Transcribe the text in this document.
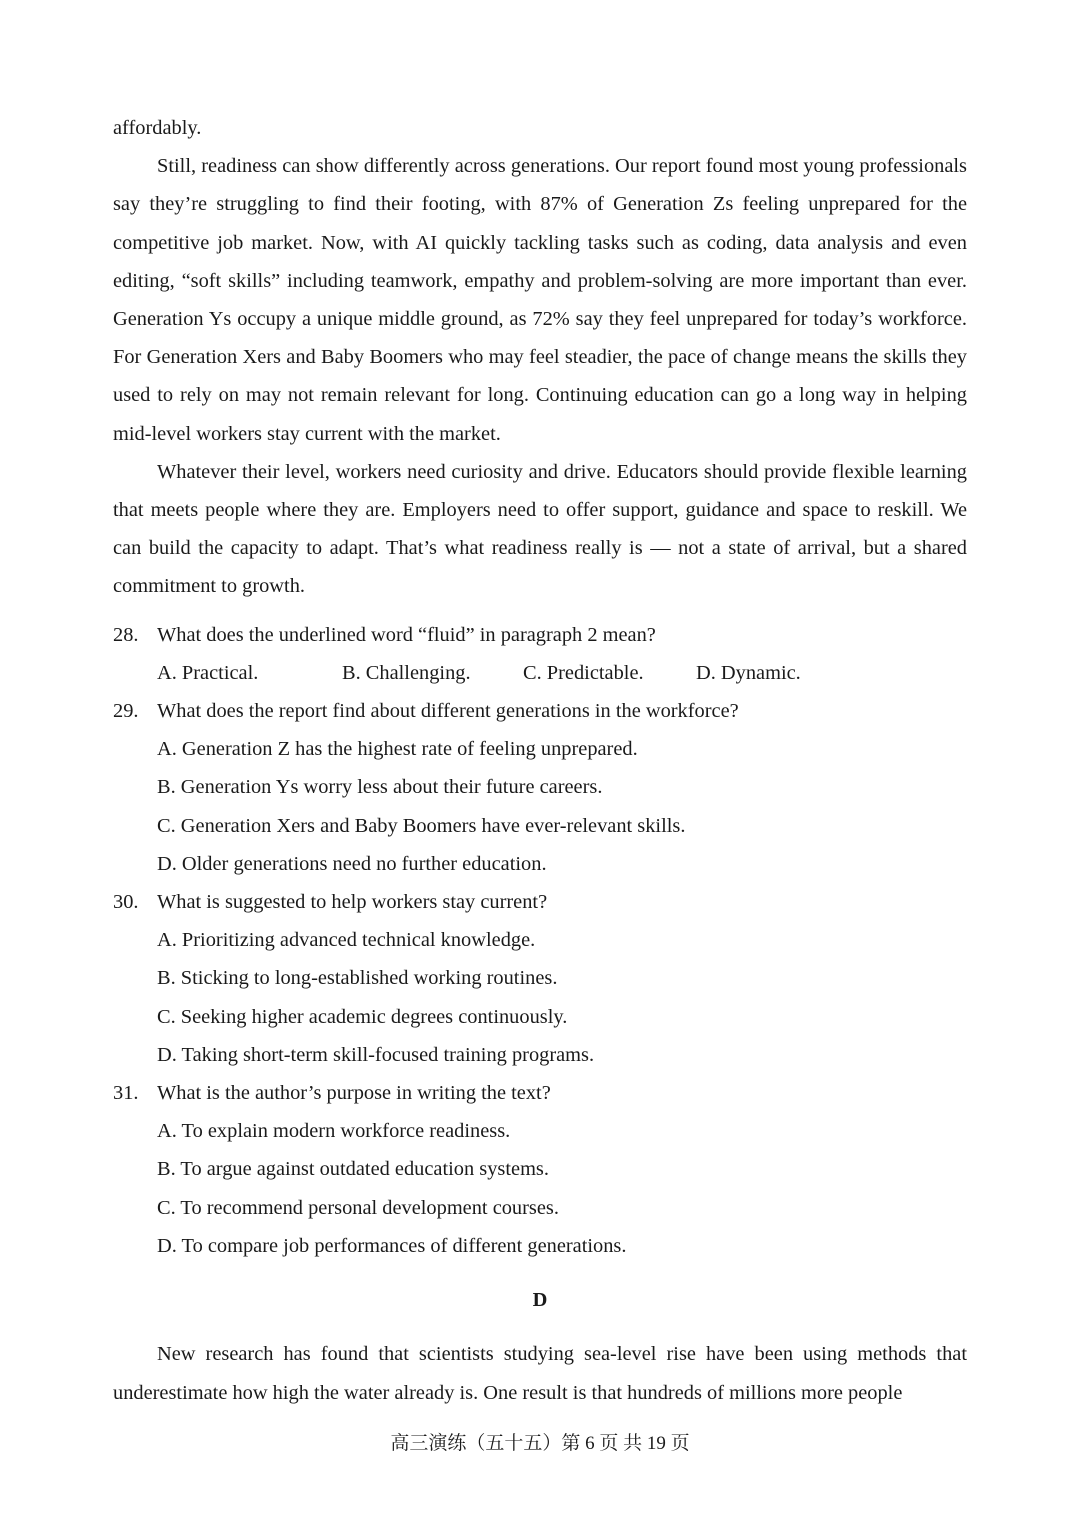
affordably.

Still, readiness can show differently across generations. Our report found most young professionals say they’re struggling to find their footing, with 87% of Generation Zs feeling unprepared for the competitive job market. Now, with AI quickly tackling tasks such as coding, data analysis and even editing, “soft skills” including teamwork, empathy and problem-solving are more important than ever. Generation Ys occupy a unique middle ground, as 72% say they feel unprepared for today’s workforce. For Generation Xers and Baby Boomers who may feel steadier, the pace of change means the skills they used to rely on may not remain relevant for long. Continuing education can go a long way in helping mid-level workers stay current with the market.

Whatever their level, workers need curiosity and drive. Educators should provide flexible learning that meets people where they are. Employers need to offer support, guidance and space to reskill. We can build the capacity to adapt. That’s what readiness really is — not a state of arrival, but a shared commitment to growth.

28. What does the underlined word “fluid” in paragraph 2 mean?
A. Practical.	B. Challenging.	C. Predictable.	D. Dynamic.
29. What does the report find about different generations in the workforce?
A. Generation Z has the highest rate of feeling unprepared.
B. Generation Ys worry less about their future careers.
C. Generation Xers and Baby Boomers have ever-relevant skills.
D. Older generations need no further education.
30. What is suggested to help workers stay current?
A. Prioritizing advanced technical knowledge.
B. Sticking to long-established working routines.
C. Seeking higher academic degrees continuously.
D. Taking short-term skill-focused training programs.
31. What is the author’s purpose in writing the text?
A. To explain modern workforce readiness.
B. To argue against outdated education systems.
C. To recommend personal development courses.
D. To compare job performances of different generations.
D

New research has found that scientists studying sea-level rise have been using methods that underestimate how high the water already is. One result is that hundreds of millions more people

高三演练（五十五）第 6 页 共 19 页
